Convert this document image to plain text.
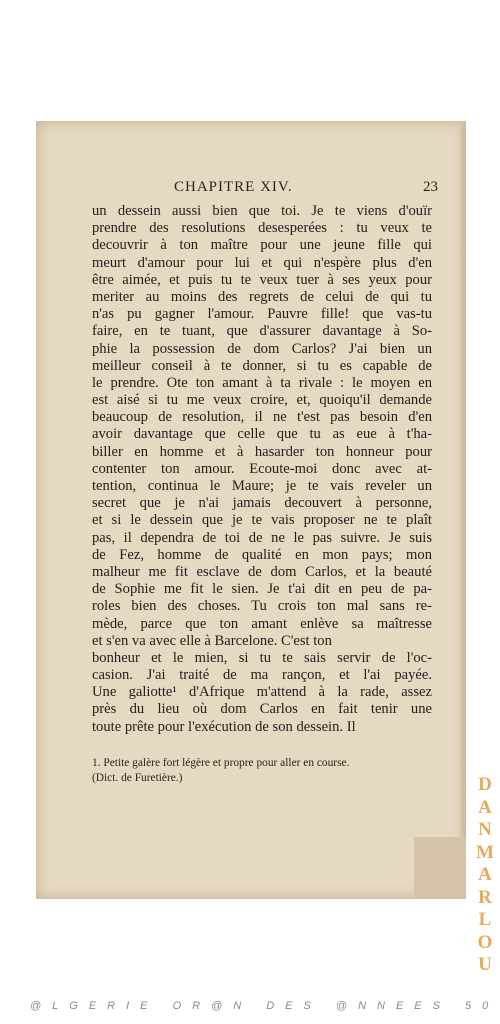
CHAPITRE XIV.	23
un dessein aussi bien que toi. Je te viens d'ouïr
prendre des resolutions desesperées : tu veux te
decouvrir à ton maître pour une jeune fille qui
meurt d'amour pour lui et qui n'espère plus d'en
être aimée, et puis tu te veux tuer à ses yeux pour
meriter au moins des regrets de celui de qui tu
n'as pu gagner l'amour. Pauvre fille! que vas-tu
faire, en te tuant, que d'assurer davantage à So-
phie la possession de dom Carlos? J'ai bien un
meilleur conseil à te donner, si tu es capable de
le prendre. Ote ton amant à ta rivale : le moyen en
est aisé si tu me veux croire, et, quoiqu'il demande
beaucoup de resolution, il ne t'est pas besoin d'en
avoir davantage que celle que tu as eue à t'ha-
biller en homme et à hasarder ton honneur pour
contenter ton amour. Ecoute-moi donc avec at-
tention, continua le Maure; je te vais reveler un
secret que je n'ai jamais decouvert à personne,
et si le dessein que je te vais proposer ne te plaît
pas, il dependra de toi de ne le pas suivre. Je suis
de Fez, homme de qualité en mon pays; mon
malheur me fit esclave de dom Carlos, et la beauté
de Sophie me fit le sien. Je t'ai dit en peu de pa-
roles bien des choses. Tu crois ton mal sans re-
mède, parce que ton amant enlève sa maîtresse
et s'en va avec elle à Barcelone. C'est ton
bonheur et le mien, si tu te sais servir de l'oc-
casion. J'ai traité de ma rançon, et l'ai payée.
Une galiotte¹ d'Afrique m'attend à la rade, assez
près du lieu où dom Carlos en fait tenir une
toute prête pour l'exécution de son dessein. Il
1. Petite galère fort légère et propre pour aller en course.
(Dict. de Furetière.)	D
A
N
M
A
R
L
O
U
@LGERIE OR@N DES @NNEES 50
